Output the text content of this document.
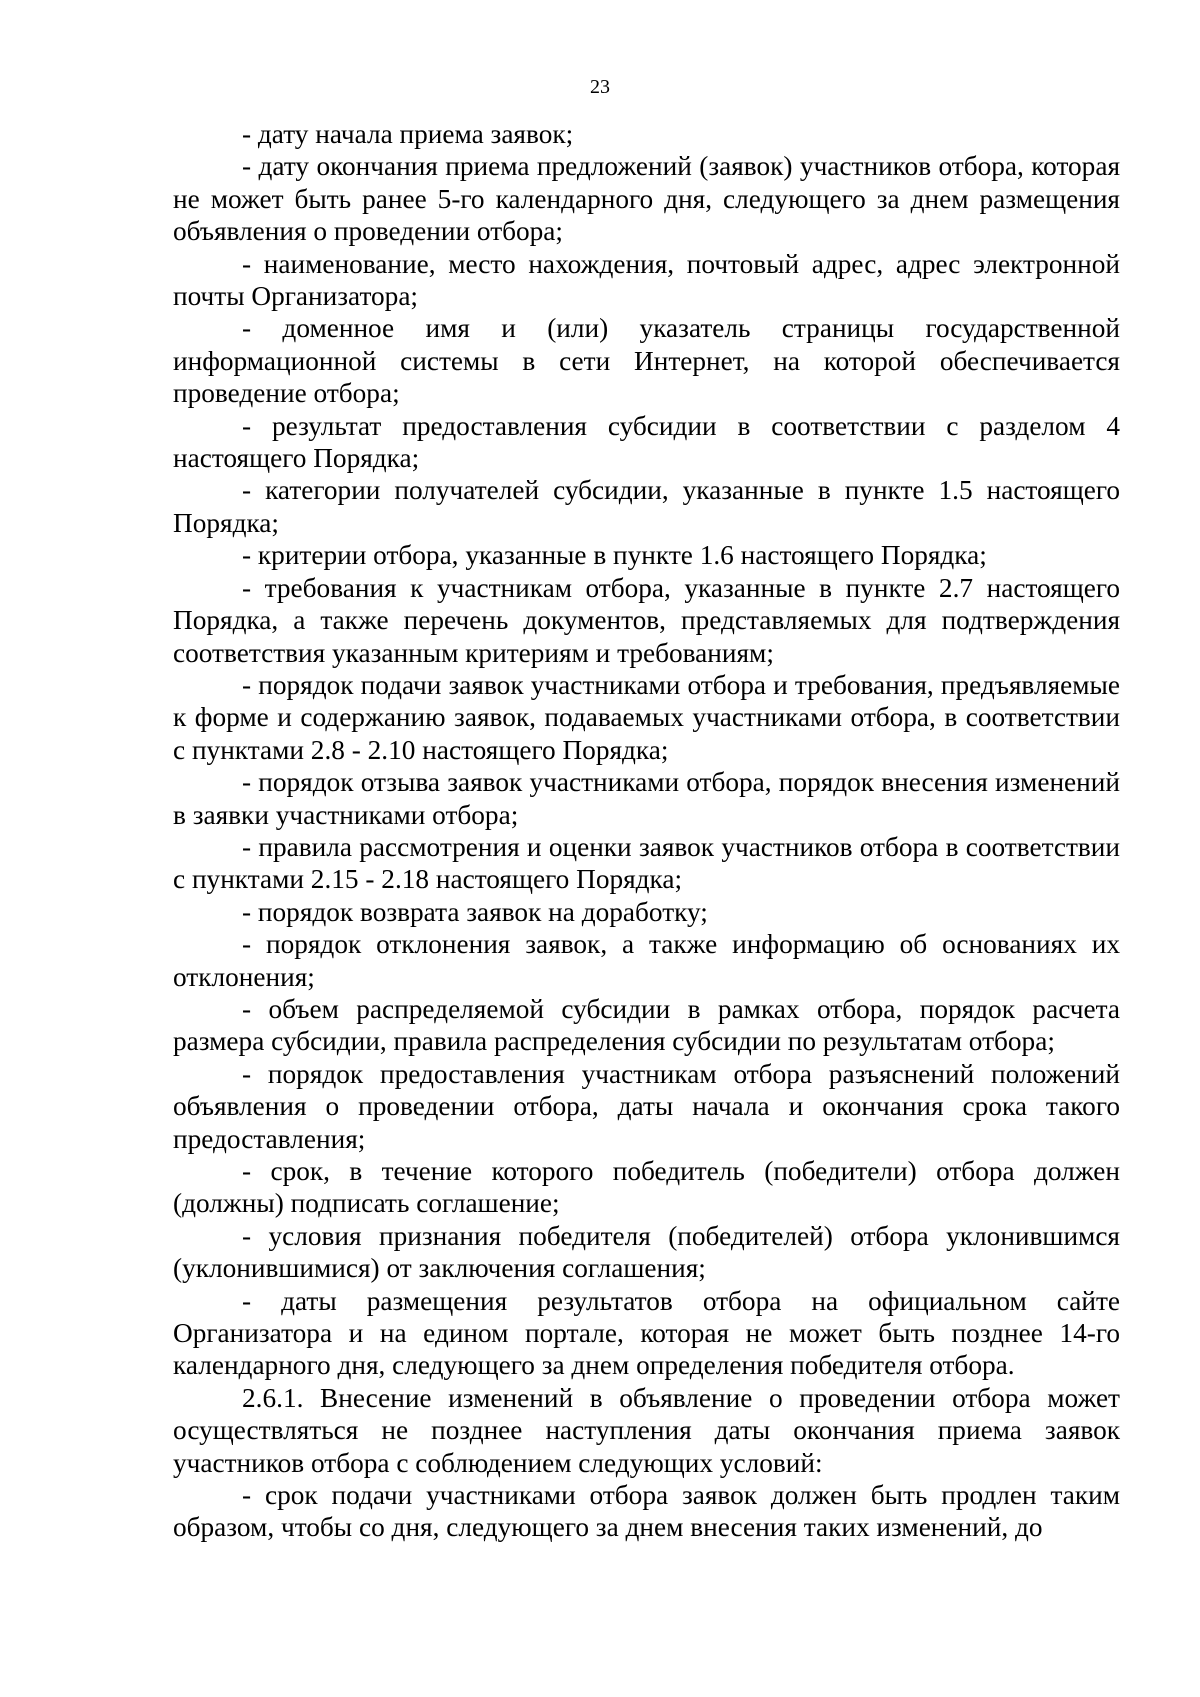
23

- дату начала приема заявок;

- дату окончания приема предложений (заявок) участников отбора, которая не может быть ранее 5-го календарного дня, следующего за днем размещения объявления о проведении отбора;

- наименование, место нахождения, почтовый адрес, адрес электронной почты Организатора;

- доменное имя и (или) указатель страницы государственной информационной системы в сети Интернет, на которой обеспечивается проведение отбора;

- результат предоставления субсидии в соответствии с разделом 4 настоящего Порядка;

- категории получателей субсидии, указанные в пункте 1.5 настоящего Порядка;

- критерии отбора, указанные в пункте 1.6 настоящего Порядка;

- требования к участникам отбора, указанные в пункте 2.7 настоящего Порядка, а также перечень документов, представляемых для подтверждения соответствия указанным критериям и требованиям;

- порядок подачи заявок участниками отбора и требования, предъявляемые к форме и содержанию заявок, подаваемых участниками отбора, в соответствии с пунктами 2.8 - 2.10 настоящего Порядка;

- порядок отзыва заявок участниками отбора, порядок внесения изменений в заявки участниками отбора;

- правила рассмотрения и оценки заявок участников отбора в соответствии с пунктами 2.15 - 2.18 настоящего Порядка;

- порядок возврата заявок на доработку;

- порядок отклонения заявок, а также информацию об основаниях их отклонения;

- объем распределяемой субсидии в рамках отбора, порядок расчета размера субсидии, правила распределения субсидии по результатам отбора;

- порядок предоставления участникам отбора разъяснений положений объявления о проведении отбора, даты начала и окончания срока такого предоставления;

- срок, в течение которого победитель (победители) отбора должен (должны) подписать соглашение;

- условия признания победителя (победителей) отбора уклонившимся (уклонившимися) от заключения соглашения;

- даты размещения результатов отбора на официальном сайте Организатора и на едином портале, которая не может быть позднее 14-го календарного дня, следующего за днем определения победителя отбора.

2.6.1. Внесение изменений в объявление о проведении отбора может осуществляться не позднее наступления даты окончания приема заявок участников отбора с соблюдением следующих условий:

- срок подачи участниками отбора заявок должен быть продлен таким образом, чтобы со дня, следующего за днем внесения таких изменений, до
